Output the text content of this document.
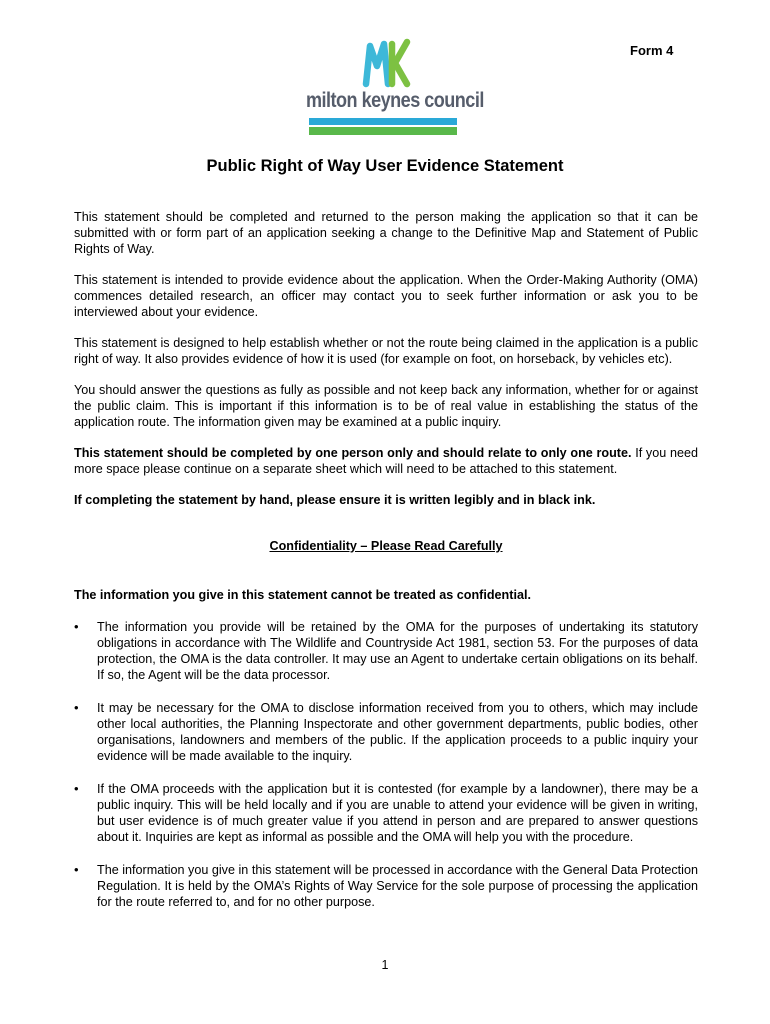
Form 4
milton keynes council
Public Right of Way User Evidence Statement

This statement should be completed and returned to the person making the application so that it can be submitted with or form part of an application seeking a change to the Definitive Map and Statement of Public Rights of Way.

This statement is intended to provide evidence about the application. When the Order-Making Authority (OMA) commences detailed research, an officer may contact you to seek further information or ask you to be interviewed about your evidence.

This statement is designed to help establish whether or not the route being claimed in the application is a public right of way. It also provides evidence of how it is used (for example on foot, on horseback, by vehicles etc).

You should answer the questions as fully as possible and not keep back any information, whether for or against the public claim. This is important if this information is to be of real value in establishing the status of the application route. The information given may be examined at a public inquiry.

This statement should be completed by one person only and should relate to only one route. If you need more space please continue on a separate sheet which will need to be attached to this statement.

If completing the statement by hand, please ensure it is written legibly and in black ink.

Confidentiality – Please Read Carefully

The information you give in this statement cannot be treated as confidential.

• The information you provide will be retained by the OMA for the purposes of undertaking its statutory obligations in accordance with The Wildlife and Countryside Act 1981, section 53. For the purposes of data protection, the OMA is the data controller. It may use an Agent to undertake certain obligations on its behalf. If so, the Agent will be the data processor.
• It may be necessary for the OMA to disclose information received from you to others, which may include other local authorities, the Planning Inspectorate and other government departments, public bodies, other organisations, landowners and members of the public. If the application proceeds to a public inquiry your evidence will be made available to the inquiry.
• If the OMA proceeds with the application but it is contested (for example by a landowner), there may be a public inquiry. This will be held locally and if you are unable to attend your evidence will be given in writing, but user evidence is of much greater value if you attend in person and are prepared to answer questions about it. Inquiries are kept as informal as possible and the OMA will help you with the procedure.
• The information you give in this statement will be processed in accordance with the General Data Protection Regulation. It is held by the OMA’s Rights of Way Service for the sole purpose of processing the application for the route referred to, and for no other purpose.
1
